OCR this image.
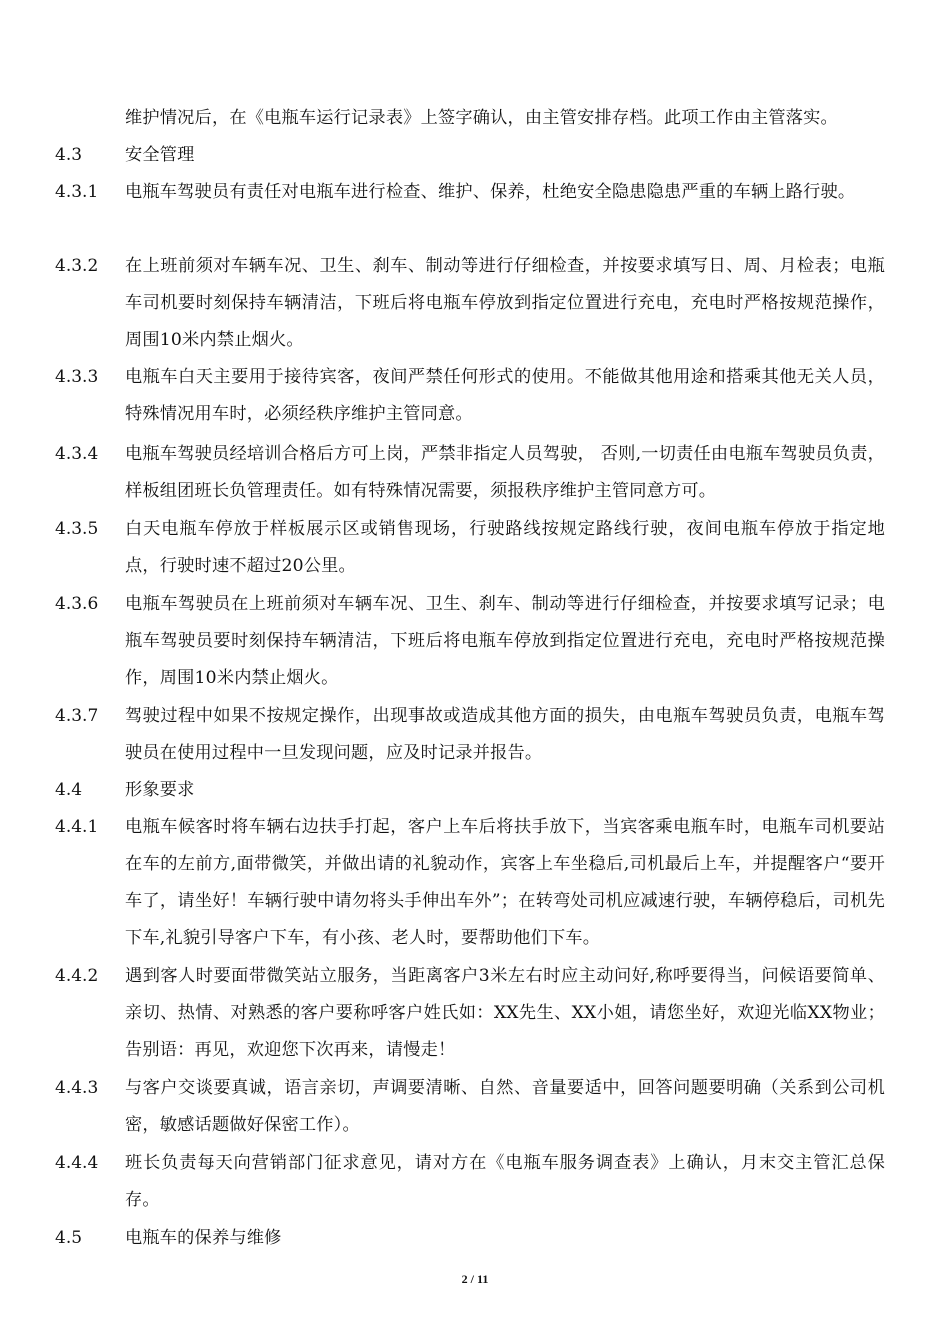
维护情况后，在《电瓶车运行记录表》上签字确认，由主管安排存档。此项工作由主管落实。
4.3 安全管理
4.3.1 电瓶车驾驶员有责任对电瓶车进行检查、维护、保养，杜绝安全隐患隐患严重的车辆上路行驶。
4.3.2 在上班前须对车辆车况、卫生、刹车、制动等进行仔细检查，并按要求填写日、周、月检表；电瓶车司机要时刻保持车辆清洁，下班后将电瓶车停放到指定位置进行充电，充电时严格按规范操作，周围10米内禁止烟火。
4.3.3 电瓶车白天主要用于接待宾客，夜间严禁任何形式的使用。不能做其他用途和搭乘其他无关人员，特殊情况用车时，必须经秩序维护主管同意。
4.3.4 电瓶车驾驶员经培训合格后方可上岗，严禁非指定人员驾驶， 否则,一切责任由电瓶车驾驶员负责，样板组团班长负管理责任。如有特殊情况需要，须报秩序维护主管同意方可。
4.3.5 白天电瓶车停放于样板展示区或销售现场，行驶路线按规定路线行驶，夜间电瓶车停放于指定地点，行驶时速不超过20公里。
4.3.6 电瓶车驾驶员在上班前须对车辆车况、卫生、刹车、制动等进行仔细检查，并按要求填写记录；电瓶车驾驶员要时刻保持车辆清洁，下班后将电瓶车停放到指定位置进行充电，充电时严格按规范操作，周围10米内禁止烟火。
4.3.7 驾驶过程中如果不按规定操作，出现事故或造成其他方面的损失，由电瓶车驾驶员负责，电瓶车驾驶员在使用过程中一旦发现问题，应及时记录并报告。
4.4 形象要求
4.4.1 电瓶车候客时将车辆右边扶手打起，客户上车后将扶手放下，当宾客乘电瓶车时，电瓶车司机要站在车的左前方,面带微笑，并做出请的礼貌动作，宾客上车坐稳后,司机最后上车，并提醒客户“要开车了，请坐好！车辆行驶中请勿将头手伸出车外”；在转弯处司机应减速行驶，车辆停稳后，司机先下车,礼貌引导客户下车，有小孩、老人时，要帮助他们下车。
4.4.2 遇到客人时要面带微笑站立服务，当距离客户3米左右时应主动问好,称呼要得当，问候语要简单、亲切、热情、对熟悉的客户要称呼客户姓氏如：XX先生、XX小姐，请您坐好，欢迎光临XX物业；告别语：再见，欢迎您下次再来，请慢走！
4.4.3 与客户交谈要真诚，语言亲切，声调要清晰、自然、音量要适中，回答问题要明确（关系到公司机密，敏感话题做好保密工作）。
4.4.4 班长负责每天向营销部门征求意见，请对方在《电瓶车服务调查表》上确认，月末交主管汇总保存。
4.5 电瓶车的保养与维修
2 / 11
